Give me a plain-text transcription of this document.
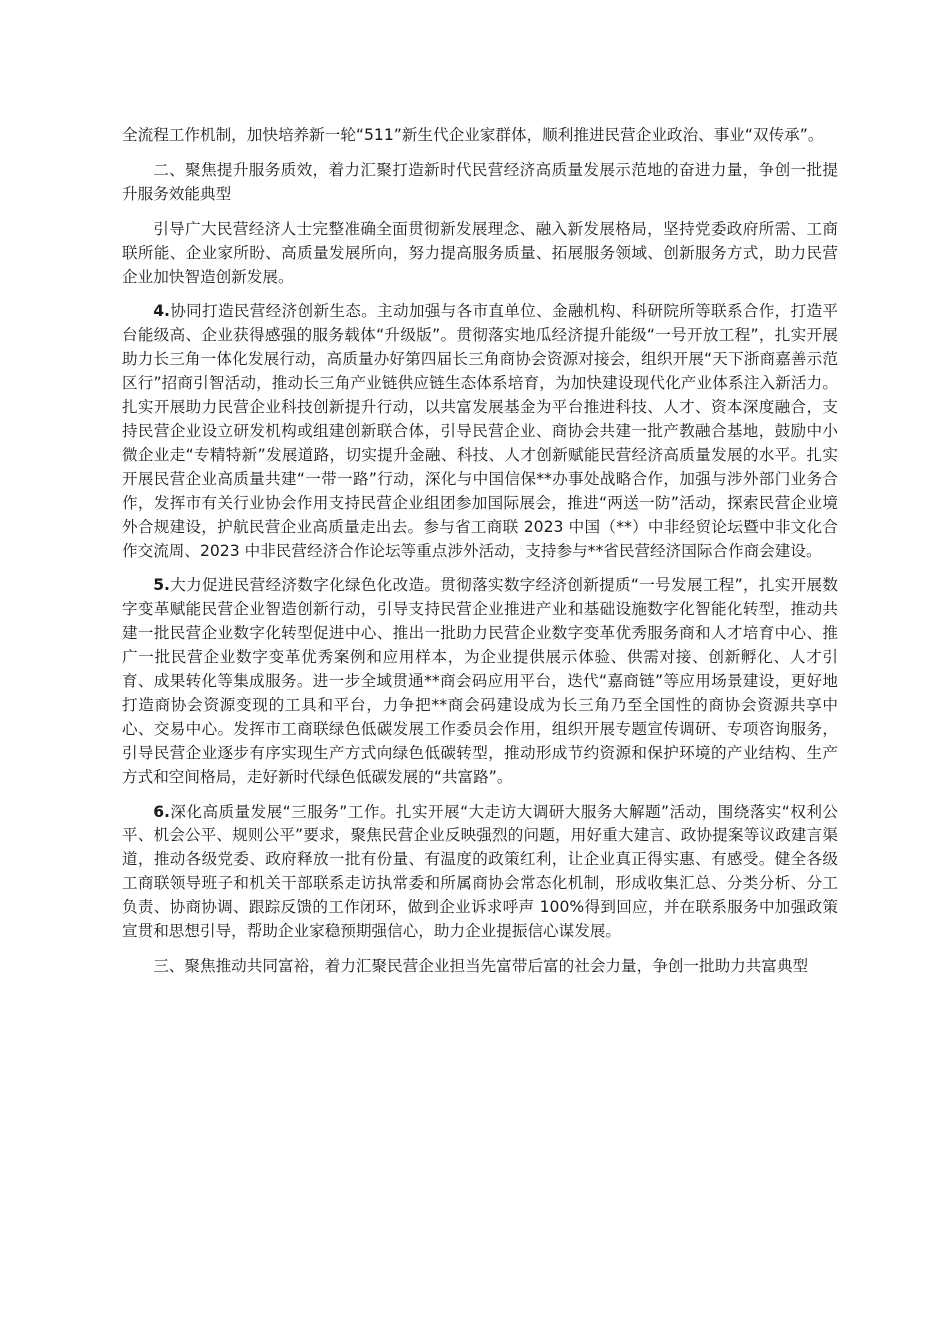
全流程工作机制，加快培养新一轮“511”新生代企业家群体，顺利推进民营企业政治、事业“双传承”。

二、聚焦提升服务质效，着力汇聚打造新时代民营经济高质量发展示范地的奋进力量，争创一批提升服务效能典型

引导广大民营经济人士完整准确全面贯彻新发展理念、融入新发展格局，坚持党委政府所需、工商联所能、企业家所盼、高质量发展所向，努力提高服务质量、拓展服务领域、创新服务方式，助力民营企业加快智造创新发展。

4.协同打造民营经济创新生态。主动加强与各市直单位、金融机构、科研院所等联系合作，打造平台能级高、企业获得感强的服务载体“升级版”。贯彻落实地瓜经济提升能级“一号开放工程”，扎实开展助力长三角一体化发展行动，高质量办好第四届长三角商协会资源对接会，组织开展“天下浙商嘉善示范区行”招商引智活动，推动长三角产业链供应链生态体系培育，为加快建设现代化产业体系注入新活力。扎实开展助力民营企业科技创新提升行动，以共富发展基金为平台推进科技、人才、资本深度融合，支持民营企业设立研发机构或组建创新联合体，引导民营企业、商协会共建一批产教融合基地，鼓励中小微企业走“专精特新”发展道路，切实提升金融、科技、人才创新赋能民营经济高质量发展的水平。扎实开展民营企业高质量共建“一带一路”行动，深化与中国信保**办事处战略合作，加强与涉外部门业务合作，发挥市有关行业协会作用支持民营企业组团参加国际展会，推进“两送一防”活动，探索民营企业境外合规建设，护航民营企业高质量走出去。参与省工商联 2023 中国（**）中非经贸论坛暨中非文化合作交流周、2023 中非民营经济合作论坛等重点涉外活动，支持参与**省民营经济国际合作商会建设。

5.大力促进民营经济数字化绿色化改造。贯彻落实数字经济创新提质“一号发展工程”，扎实开展数字变革赋能民营企业智造创新行动，引导支持民营企业推进产业和基础设施数字化智能化转型，推动共建一批民营企业数字化转型促进中心、推出一批助力民营企业数字变革优秀服务商和人才培育中心、推广一批民营企业数字变革优秀案例和应用样本，为企业提供展示体验、供需对接、创新孵化、人才引育、成果转化等集成服务。进一步全域贯通**商会码应用平台，迭代“嘉商链”等应用场景建设，更好地打造商协会资源变现的工具和平台，力争把**商会码建设成为长三角乃至全国性的商协会资源共享中心、交易中心。发挥市工商联绿色低碳发展工作委员会作用，组织开展专题宣传调研、专项咨询服务，引导民营企业逐步有序实现生产方式向绿色低碳转型，推动形成节约资源和保护环境的产业结构、生产方式和空间格局，走好新时代绿色低碳发展的“共富路”。

6.深化高质量发展“三服务”工作。扎实开展“大走访大调研大服务大解题”活动，围绕落实“权利公平、机会公平、规则公平”要求，聚焦民营企业反映强烈的问题，用好重大建言、政协提案等议政建言渠道，推动各级党委、政府释放一批有份量、有温度的政策红利，让企业真正得实惠、有感受。健全各级工商联领导班子和机关干部联系走访执常委和所属商协会常态化机制，形成收集汇总、分类分析、分工负责、协商协调、跟踪反馈的工作闭环，做到企业诉求呼声 100%得到回应，并在联系服务中加强政策宣贯和思想引导，帮助企业家稳预期强信心，助力企业提振信心谋发展。

三、聚焦推动共同富裕，着力汇聚民营企业担当先富带后富的社会力量，争创一批助力共富典型
